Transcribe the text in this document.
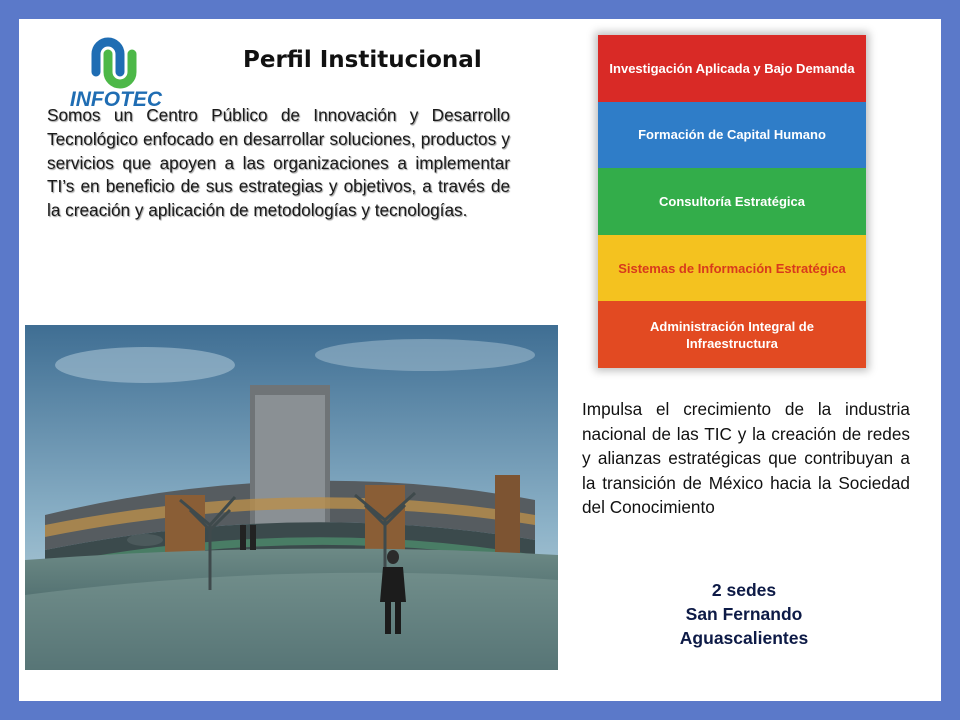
INFOTEC
Perfil Institucional
Somos un Centro Público de Innovación y Desarrollo Tecnológico enfocado en desarrollar soluciones, productos y servicios que apoyen a las organizaciones a implementar TI’s en beneficio de sus estrategias y objetivos, a través de la creación y aplicación de metodologías y tecnologías.
Investigación Aplicada y Bajo Demanda
Formación de Capital Humano
Consultoría Estratégica
Sistemas de Información Estratégica
Administración Integral de Infraestructura
Impulsa el crecimiento de la industria nacional de las TIC y la creación de redes y alianzas estratégicas que contribuyan a la transición de México hacia la Sociedad del Conocimiento
2 sedes
San Fernando
Aguascalientes
